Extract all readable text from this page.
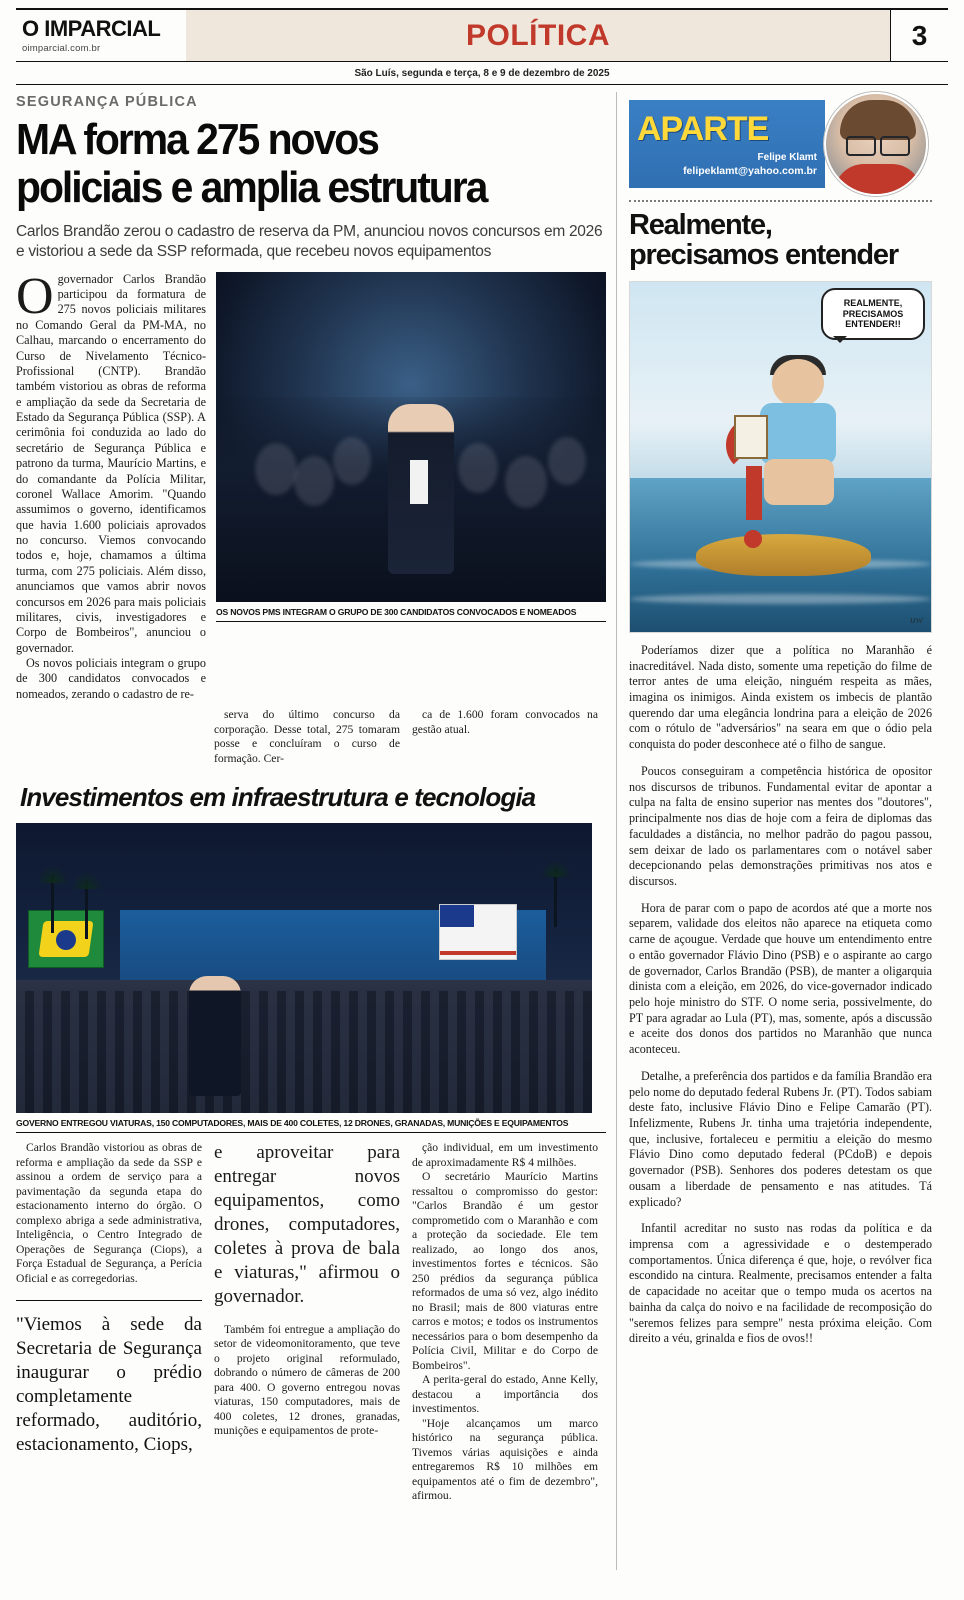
O IMPARCIAL
oimparcial.com.br	POLÍTICA	3
São Luís, segunda e terça, 8 e 9 de dezembro de 2025
SEGURANÇA PÚBLICA
MA forma 275 novos
policiais e amplia estrutura
Carlos Brandão zerou o cadastro de reserva da PM, anunciou novos concursos em 2026 e vistoriou a sede da SSP reformada, que recebeu novos equipamentos

Ogovernador Carlos Brandão participou da formatura de 275 novos policiais militares no Comando Geral da PM-MA, no Calhau, marcando o encerramento do Curso de Nivelamento Técnico-Profissional (CNTP). Brandão também vistoriou as obras de reforma e ampliação da sede da Secretaria de Estado da Segurança Pública (SSP). A cerimônia foi conduzida ao lado do secretário de Segurança Pública e patrono da turma, Maurício Martins, e do comandante da Polícia Militar, coronel Wallace Amorim. "Quando assumimos o governo, identificamos que havia 1.600 policiais aprovados no concurso. Viemos convocando todos e, hoje, chamamos a última turma, com 275 policiais. Além disso, anunciamos que vamos abrir novos concursos em 2026 para mais policiais militares, civis, investigadores e Corpo de Bombeiros", anunciou o governador.

Os novos policiais integram o grupo de 300 candidatos convocados e nomeados, zerando o cadastro de re-

OS NOVOS PMS INTEGRAM O GRUPO DE 300 CANDIDATOS CONVOCADOS E NOMEADOS

serva do último concurso da corporação. Desse total, 275 tomaram posse e concluíram o curso de formação. Cer-

ca de 1.600 foram convocados na gestão atual.

Investimentos em infraestrutura e tecnologia
GOVERNO ENTREGOU VIATURAS, 150 COMPUTADORES, MAIS DE 400 COLETES, 12 DRONES, GRANADAS, MUNIÇÕES E EQUIPAMENTOS

Carlos Brandão vistoriou as obras de reforma e ampliação da sede da SSP e assinou a ordem de serviço para a pavimentação da segunda etapa do estacionamento interno do órgão. O complexo abriga a sede administrativa, Inteligência, o Centro Integrado de Operações de Segurança (Ciops), a Força Estadual de Segurança, a Perícia Oficial e as corregedorias.

"Viemos à sede da Secretaria de Segurança inaugurar o prédio completamente reformado, auditório, estacionamento, Ciops,
e aproveitar para entregar novos equipamentos, como drones, computadores, coletes à prova de bala e viaturas," afirmou o governador.

Também foi entregue a ampliação do setor de videomonitoramento, que teve o projeto original reformulado, dobrando o número de câmeras de 200 para 400. O governo entregou novas viaturas, 150 computadores, mais de 400 coletes, 12 drones, granadas, munições e equipamentos de prote-

ção individual, em um investimento de aproximadamente R$ 4 milhões.

O secretário Maurício Martins ressaltou o compromisso do gestor: "Carlos Brandão é um gestor comprometido com o Maranhão e com a proteção da sociedade. Ele tem realizado, ao longo dos anos, investimentos fortes e técnicos. São 250 prédios da segurança pública reformados de uma só vez, algo inédito no Brasil; mais de 800 viaturas entre carros e motos; e todos os instrumentos necessários para o bom desempenho da Polícia Civil, Militar e do Corpo de Bombeiros".

A perita-geral do estado, Anne Kelly, destacou a importância dos investimentos.

"Hoje alcançamos um marco histórico na segurança pública. Tivemos várias aquisições e ainda entregaremos R$ 10 milhões em equipamentos até o fim de dezembro", afirmou.

APARTE
Felipe Klamt
felipeklamt@yahoo.com.br
Realmente,
precisamos entender
REALMENTE, PRECISAMOS ENTENDER!!
uw

Poderíamos dizer que a política no Maranhão é inacreditável. Nada disto, somente uma repetição do filme de terror antes de uma eleição, ninguém respeita as mães, imagina os inimigos. Ainda existem os imbecis de plantão querendo dar uma elegância londrina para a eleição de 2026 com o rótulo de "adversários" na seara em que o ódio pela conquista do poder desconhece até o filho de sangue.

Poucos conseguiram a competência histórica de opositor nos discursos de tribunos. Fundamental evitar de apontar a culpa na falta de ensino superior nas mentes dos "doutores", principalmente nos dias de hoje com a feira de diplomas das faculdades a distância, no melhor padrão do pagou passou, sem deixar de lado os parlamentares com o notável saber decepcionando pelas demonstrações primitivas nos atos e discursos.

Hora de parar com o papo de acordos até que a morte nos separem, validade dos eleitos não aparece na etiqueta como carne de açougue. Verdade que houve um entendimento entre o então governador Flávio Dino (PSB) e o aspirante ao cargo de governador, Carlos Brandão (PSB), de manter a oligarquia dinista com a eleição, em 2026, do vice-governador indicado pelo hoje ministro do STF. O nome seria, possivelmente, do PT para agradar ao Lula (PT), mas, somente, após a discussão e aceite dos donos dos partidos no Maranhão que nunca aconteceu.

Detalhe, a preferência dos partidos e da família Brandão era pelo nome do deputado federal Rubens Jr. (PT). Todos sabiam deste fato, inclusive Flávio Dino e Felipe Camarão (PT). Infelizmente, Rubens Jr. tinha uma trajetória independente, que, inclusive, fortaleceu e permitiu a eleição do mesmo Flávio Dino como deputado federal (PCdoB) e depois governador (PSB). Senhores dos poderes detestam os que ousam a liberdade de pensamento e nas atitudes. Tá explicado?

Infantil acreditar no susto nas rodas da política e da imprensa com a agressividade e o destemperado comportamentos. Única diferença é que, hoje, o revólver fica escondido na cintura. Realmente, precisamos entender a falta de capacidade no aceitar que o tempo muda os acertos na bainha da calça do noivo e na facilidade de recomposição do "seremos felizes para sempre" nesta próxima eleição. Com direito a véu, grinalda e fios de ovos!!
